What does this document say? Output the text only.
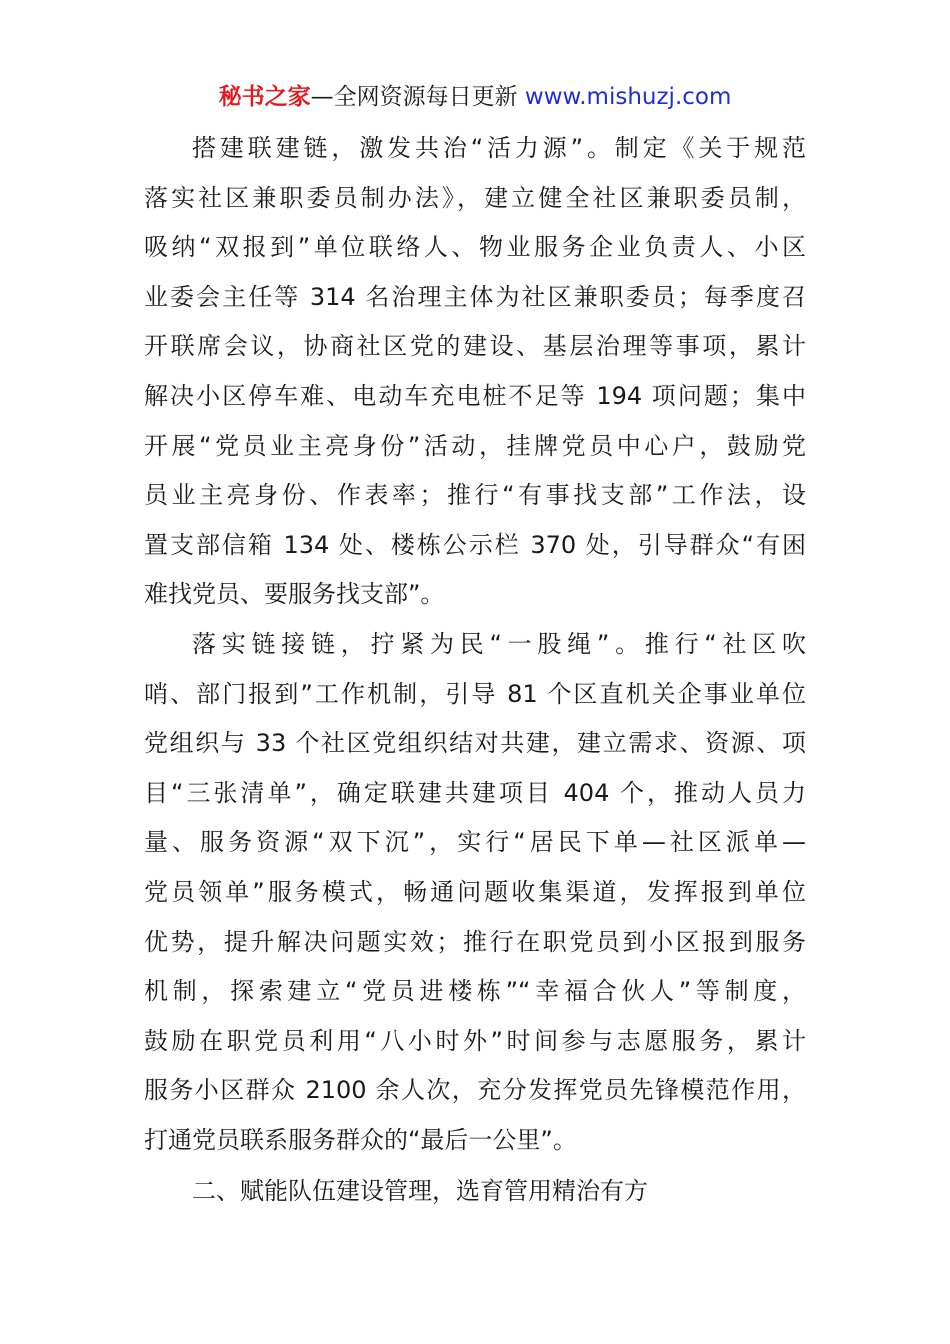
秘书之家—全网资源每日更新 www.mishuzj.com
搭建联建链，激发共治“活力源”。制定《关于规范
落实社区兼职委员制办法》，建立健全社区兼职委员制，
吸纳“双报到”单位联络人、物业服务企业负责人、小区
业委会主任等 314 名治理主体为社区兼职委员；每季度召
开联席会议，协商社区党的建设、基层治理等事项，累计
解决小区停车难、电动车充电桩不足等 194 项问题；集中
开展“党员业主亮身份”活动，挂牌党员中心户，鼓励党
员业主亮身份、作表率；推行“有事找支部”工作法，设
置支部信箱 134 处、楼栋公示栏 370 处，引导群众“有困
难找党员、要服务找支部”。
落实链接链，拧紧为民“一股绳”。推行“社区吹
哨、部门报到”工作机制，引导 81 个区直机关企事业单位
党组织与 33 个社区党组织结对共建，建立需求、资源、项
目“三张清单”，确定联建共建项目 404 个，推动人员力
量、服务资源“双下沉”，实行“居民下单—社区派单—
党员领单”服务模式，畅通问题收集渠道，发挥报到单位
优势，提升解决问题实效；推行在职党员到小区报到服务
机制，探索建立“党员进楼栋”“幸福合伙人”等制度，
鼓励在职党员利用“八小时外”时间参与志愿服务，累计
服务小区群众 2100 余人次，充分发挥党员先锋模范作用，
打通党员联系服务群众的“最后一公里”。
二、赋能队伍建设管理，选育管用精治有方
